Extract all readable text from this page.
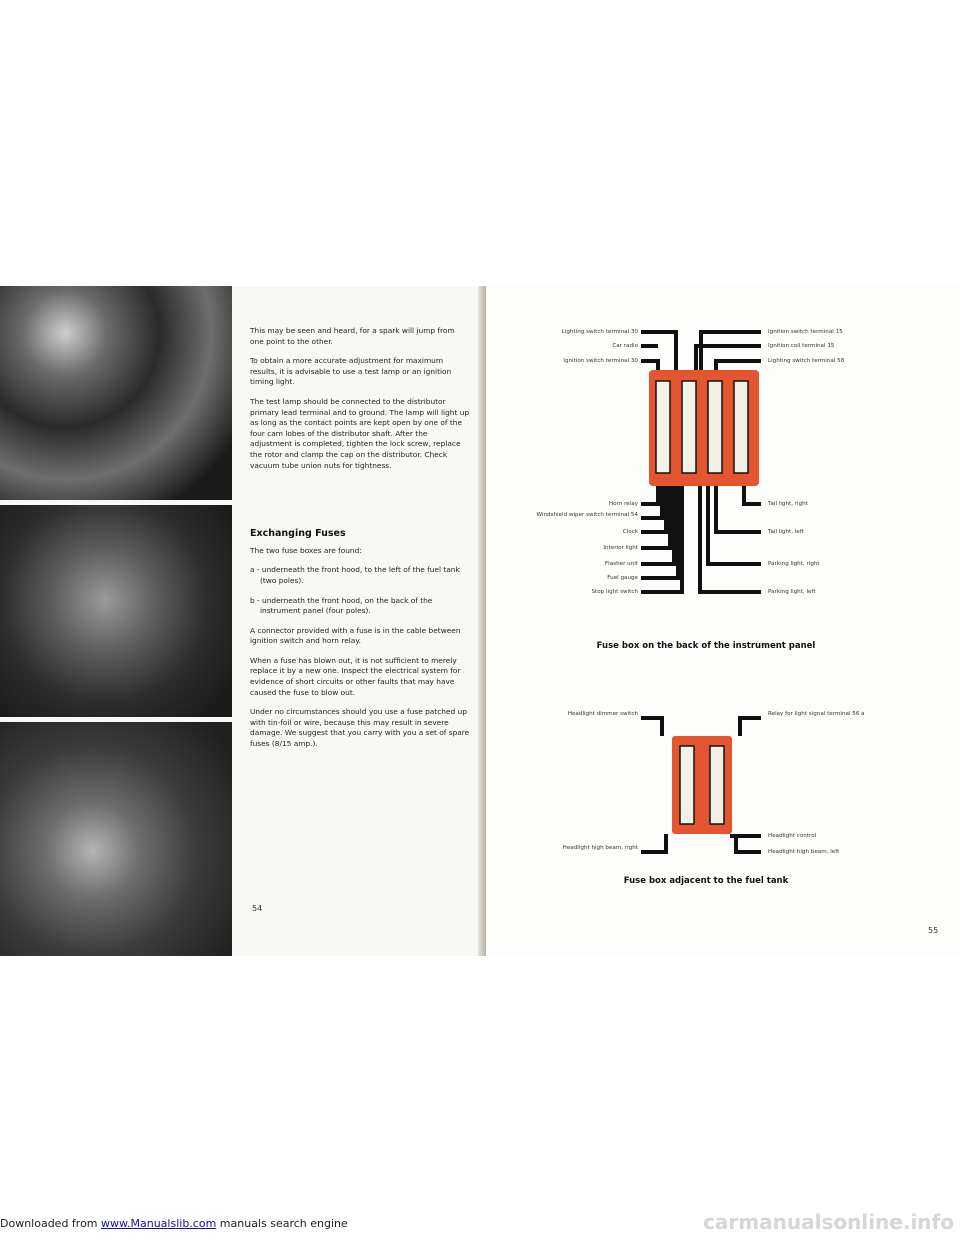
This may be seen and heard, for a spark will jump from one point to the other.

To obtain a more accurate adjustment for maximum results, it is advisable to use a test lamp or an ignition timing light.

The test lamp should be connected to the distributor primary lead terminal and to ground. The lamp will light up as long as the contact points are kept open by one of the four cam lobes of the distributor shaft. After the adjustment is completed, tighten the lock screw, replace the rotor and clamp the cap on the distributor. Check vacuum tube union nuts for tightness.

Exchanging Fuses

The two fuse boxes are found:

a - underneath the front hood, to the left of the fuel tank (two poles).

b - underneath the front hood, on the back of the instrument panel (four poles).

A connector provided with a fuse is in the cable between ignition switch and horn relay.

When a fuse has blown out, it is not sufficient to merely replace it by a new one. Inspect the electrical system for evidence of short circuits or other faults that may have caused the fuse to blow out.

Under no circumstances should you use a fuse patched up with tin-foil or wire, because this may result in severe damage. We suggest that you carry with you a set of spare fuses (8/15 amp.).

54
Lighting switch terminal 30
Car radio
Ignition switch terminal 30
Ignition switch terminal 15
Ignition coil terminal 15
Lighting switch terminal 58
Horn relay
Windshield wiper switch terminal 54
Clock
Interior light
Flasher unit
Fuel gauge
Stop light switch
Tail light, right
Tail light, left
Parking light, right
Parking light, left
Fuse box on the back of the instrument panel
Headlight dimmer switch	Relay for light signal terminal 56 a
Headlight high beam, right
Headlight control
Headlight high beam, left
Fuse box adjacent to the fuel tank
55
Downloaded from www.Manualslib.com manuals search engine	carmanualsonline.info
